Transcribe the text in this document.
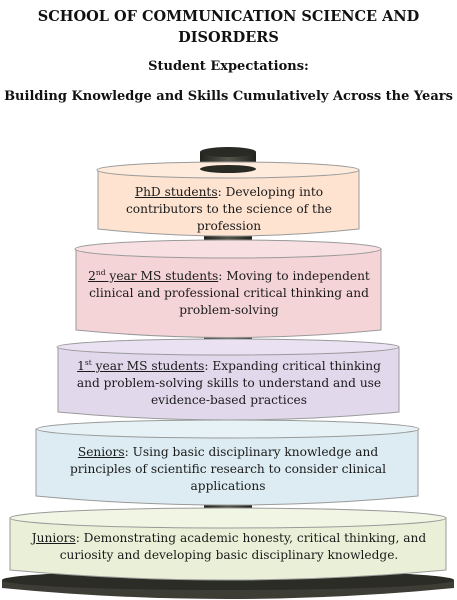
SCHOOL OF COMMUNICATION SCIENCE AND DISORDERS
Student Expectations:
Building Knowledge and Skills Cumulatively Across the Years
PhD students: Developing into contributors to the science of the profession
2nd year MS students: Moving to independent clinical and professional critical thinking and problem-solving
1st year MS students: Expanding critical thinking and problem-solving skills to understand and use evidence-based practices
Seniors: Using basic disciplinary knowledge and principles of scientific research to consider clinical applications
Juniors: Demonstrating academic honesty, critical thinking, and curiosity and developing basic disciplinary knowledge.
